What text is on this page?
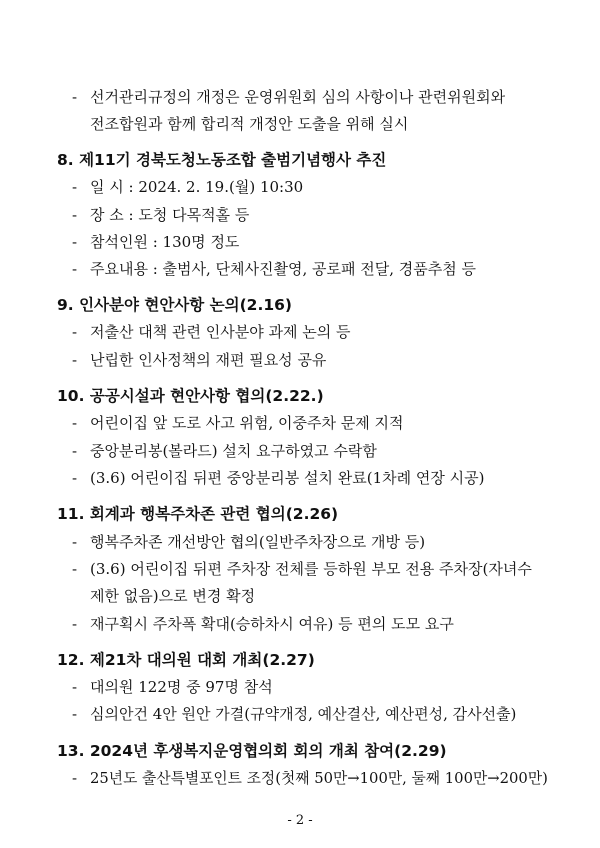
- 선거관리규정의 개정은 운영위원회 심의 사항이나 관련위원회와
전조합원과 함께 합리적 개정안 도출을 위해 실시
8. 제11기 경북도청노동조합 출범기념행사 추진
- 일 시 : 2024. 2. 19.(월) 10:30
- 장 소 : 도청 다목적홀 등
- 참석인원 : 130명 정도
- 주요내용 : 출범사, 단체사진촬영, 공로패 전달, 경품추첨 등
9. 인사분야 현안사항 논의(2.16)
- 저출산 대책 관련 인사분야 과제 논의 등
- 난립한 인사정책의 재편 필요성 공유
10. 공공시설과 현안사항 협의(2.22.)
- 어린이집 앞 도로 사고 위험, 이중주차 문제 지적
- 중앙분리봉(볼라드) 설치 요구하였고 수락함
- (3.6) 어린이집 뒤편 중앙분리봉 설치 완료(1차례 연장 시공)
11. 회계과 행복주차존 관련 협의(2.26)
- 행복주차존 개선방안 협의(일반주차장으로 개방 등)
- (3.6) 어린이집 뒤편 주차장 전체를 등하원 부모 전용 주차장(자녀수
제한 없음)으로 변경 확정
- 재구획시 주차폭 확대(승하차시 여유) 등 편의 도모 요구
12. 제21차 대의원 대회 개최(2.27)
- 대의원 122명 중 97명 참석
- 심의안건 4안 원안 가결(규약개정, 예산결산, 예산편성, 감사선출)
13. 2024년 후생복지운영협의회 회의 개최 참여(2.29)
- 25년도 출산특별포인트 조정(첫째 50만→100만, 둘째 100만→200만)
- 2 -
